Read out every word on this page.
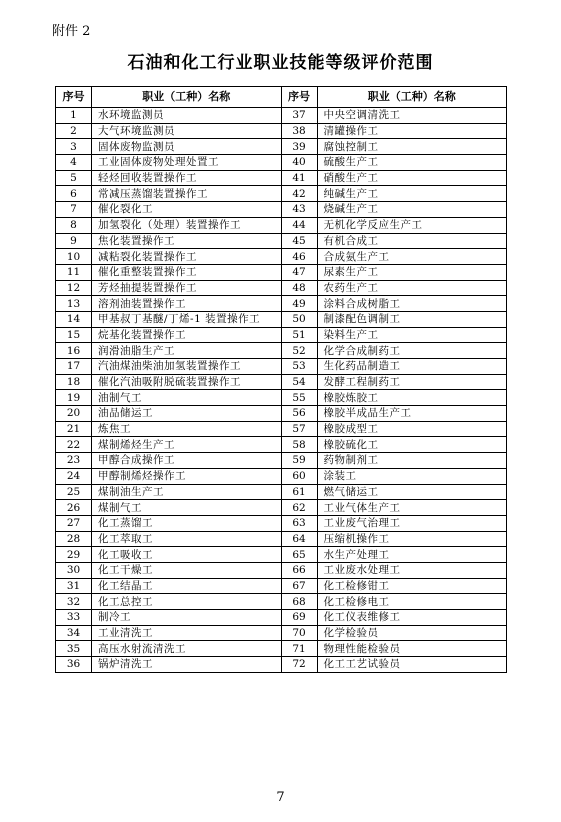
附件 2
石油和化工行业职业技能等级评价范围
序号	职业（工种）名称	序号	职业（工种）名称
1	水环境监测员	37	中央空调清洗工
2	大气环境监测员	38	清罐操作工
3	固体废物监测员	39	腐蚀控制工
4	工业固体废物处理处置工	40	硫酸生产工
5	轻烃回收装置操作工	41	硝酸生产工
6	常减压蒸馏装置操作工	42	纯碱生产工
7	催化裂化工	43	烧碱生产工
8	加氢裂化（处理）装置操作工	44	无机化学反应生产工
9	焦化装置操作工	45	有机合成工
10	减粘裂化装置操作工	46	合成氨生产工
11	催化重整装置操作工	47	尿素生产工
12	芳烃抽提装置操作工	48	农药生产工
13	溶剂油装置操作工	49	涂料合成树脂工
14	甲基叔丁基醚/丁烯-1 装置操作工	50	制漆配色调制工
15	烷基化装置操作工	51	染料生产工
16	润滑油脂生产工	52	化学合成制药工
17	汽油煤油柴油加氢装置操作工	53	生化药品制造工
18	催化汽油吸附脱硫装置操作工	54	发酵工程制药工
19	油制气工	55	橡胶炼胶工
20	油品储运工	56	橡胶半成品生产工
21	炼焦工	57	橡胶成型工
22	煤制烯烃生产工	58	橡胶硫化工
23	甲醇合成操作工	59	药物制剂工
24	甲醇制烯烃操作工	60	涂装工
25	煤制油生产工	61	燃气储运工
26	煤制气工	62	工业气体生产工
27	化工蒸馏工	63	工业废气治理工
28	化工萃取工	64	压缩机操作工
29	化工吸收工	65	水生产处理工
30	化工干燥工	66	工业废水处理工
31	化工结晶工	67	化工检修钳工
32	化工总控工	68	化工检修电工
33	制冷工	69	化工仪表维修工
34	工业清洗工	70	化学检验员
35	高压水射流清洗工	71	物理性能检验员
36	锅炉清洗工	72	化工工艺试验员
7
